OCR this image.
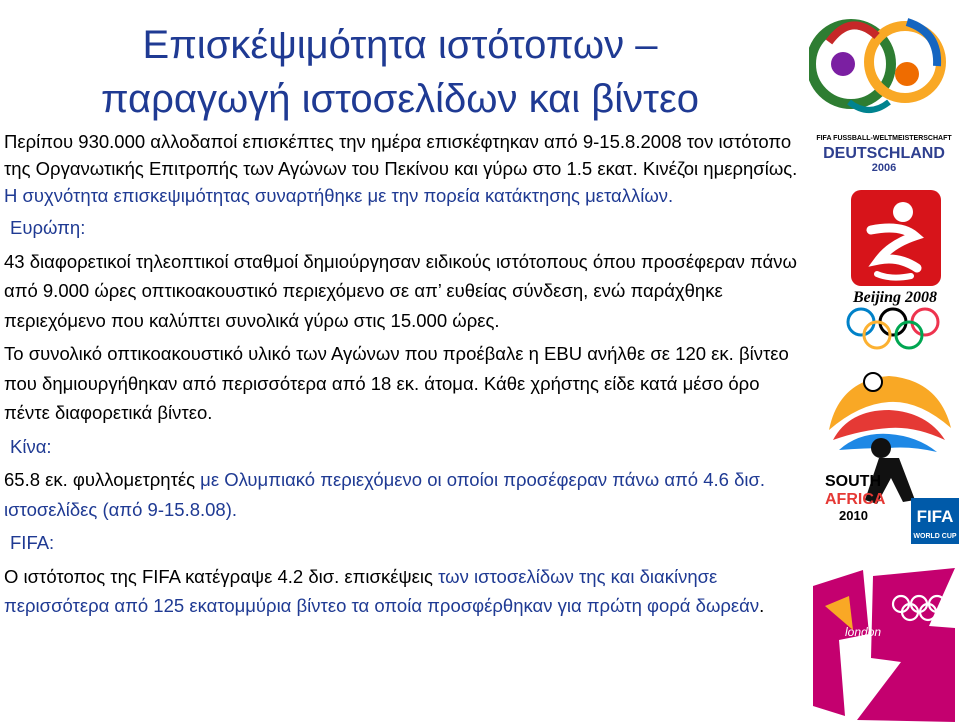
Επισκέψιμότητα ιστότοπων –
παραγωγή ιστοσελίδων και βίντεο

Περίπου 930.000 αλλοδαποί επισκέπτες την ημέρα επισκέφτηκαν από 9-15.8.2008 τον ιστότοπο της Οργανωτικής Επιτροπής των Αγώνων του Πεκίνου και γύρω στο 1.5 εκατ. Κινέζοι ημερησίως. Η συχνότητα επισκεψιμότητας συναρτήθηκε με την πορεία κατάκτησης μεταλλίων.

Ευρώπη:

43 διαφορετικοί τηλεοπτικοί σταθμοί δημιούργησαν ειδικούς ιστότοπους όπου προσέφεραν πάνω από 9.000 ώρες οπτικοακουστικό περιεχόμενο σε απ’ ευθείας σύνδεση, ενώ παράχθηκε περιεχόμενο που καλύπτει συνολικά γύρω στις 15.000 ώρες.

Το συνολικό οπτικοακουστικό υλικό των Αγώνων που προέβαλε η EBU ανήλθε σε 120 εκ. βίντεο που δημιουργήθηκαν από περισσότερα από 18 εκ. άτομα. Κάθε χρήστης είδε κατά μέσο όρο πέντε διαφορετικά βίντεο.

Κίνα:

65.8 εκ. φυλλομετρητές με Ολυμπιακό περιεχόμενο οι οποίοι προσέφεραν πάνω από 4.6 δισ. ιστοσελίδες (από 9-15.8.08).

FIFA:

Ο ιστότοπος της FIFA κατέγραψε 4.2 δισ. επισκέψεις των ιστοσελίδων της και διακίνησε περισσότερα από 125 εκατομμύρια βίντεο τα οποία προσφέρθηκαν για πρώτη φορά δωρεάν.

FIFA FUSSBALL-WELTMEISTERSCHAFT
DEUTSCHLAND
2006
Beijing 2008
SOUTH
AFRICA
2010	FIFA
WORLD CUP
london
